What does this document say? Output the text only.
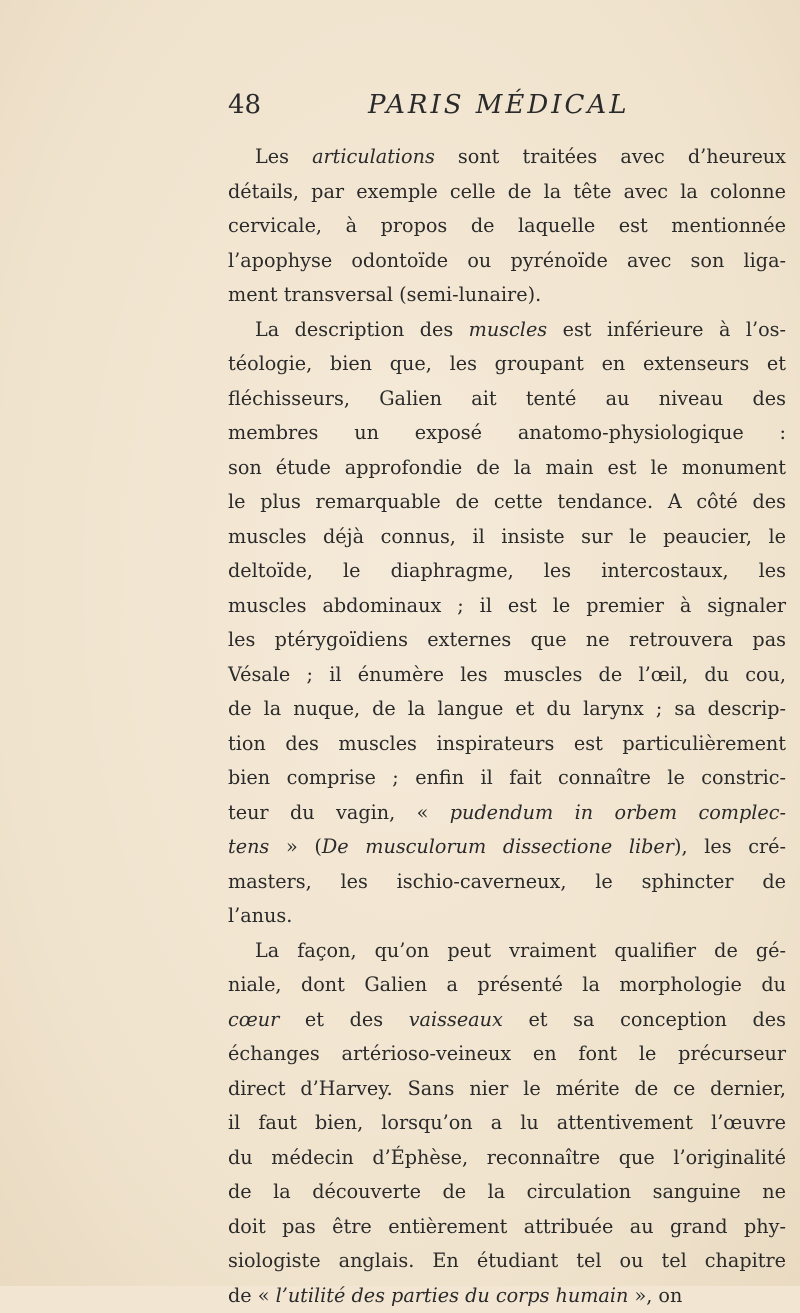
48	PARIS MÉDICAL
Les articulations sont traitées avec d’heureux
détails, par exemple celle de la tête avec la colonne
cervicale, à propos de laquelle est mentionnée
l’apophyse odontoïde ou pyrénoïde avec son liga-
ment transversal (semi-lunaire).
La description des muscles est inférieure à l’os-
téologie, bien que, les groupant en extenseurs et
fléchisseurs, Galien ait tenté au niveau des
membres un exposé anatomo-physiologique :
son étude approfondie de la main est le monument
le plus remarquable de cette tendance. A côté des
muscles déjà connus, il insiste sur le peaucier, le
deltoïde, le diaphragme, les intercostaux, les
muscles abdominaux ; il est le premier à signaler
les ptérygoïdiens externes que ne retrouvera pas
Vésale ; il énumère les muscles de l’œil, du cou,
de la nuque, de la langue et du larynx ; sa descrip-
tion des muscles inspirateurs est particulièrement
bien comprise ; enfin il fait connaître le constric-
teur du vagin, « pudendum in orbem complec-
tens » (De musculorum dissectione liber), les cré-
masters, les ischio-caverneux, le sphincter de
l’anus.
La façon, qu’on peut vraiment qualifier de gé-
niale, dont Galien a présenté la morphologie du
cœur et des vaisseaux et sa conception des
échanges artérioso-veineux en font le précurseur
direct d’Harvey. Sans nier le mérite de ce dernier,
il faut bien, lorsqu’on a lu attentivement l’œuvre
du médecin d’Éphèse, reconnaître que l’originalité
de la découverte de la circulation sanguine ne
doit pas être entièrement attribuée au grand phy-
siologiste anglais. En étudiant tel ou tel chapitre
de « l’utilité des parties du corps humain », on
